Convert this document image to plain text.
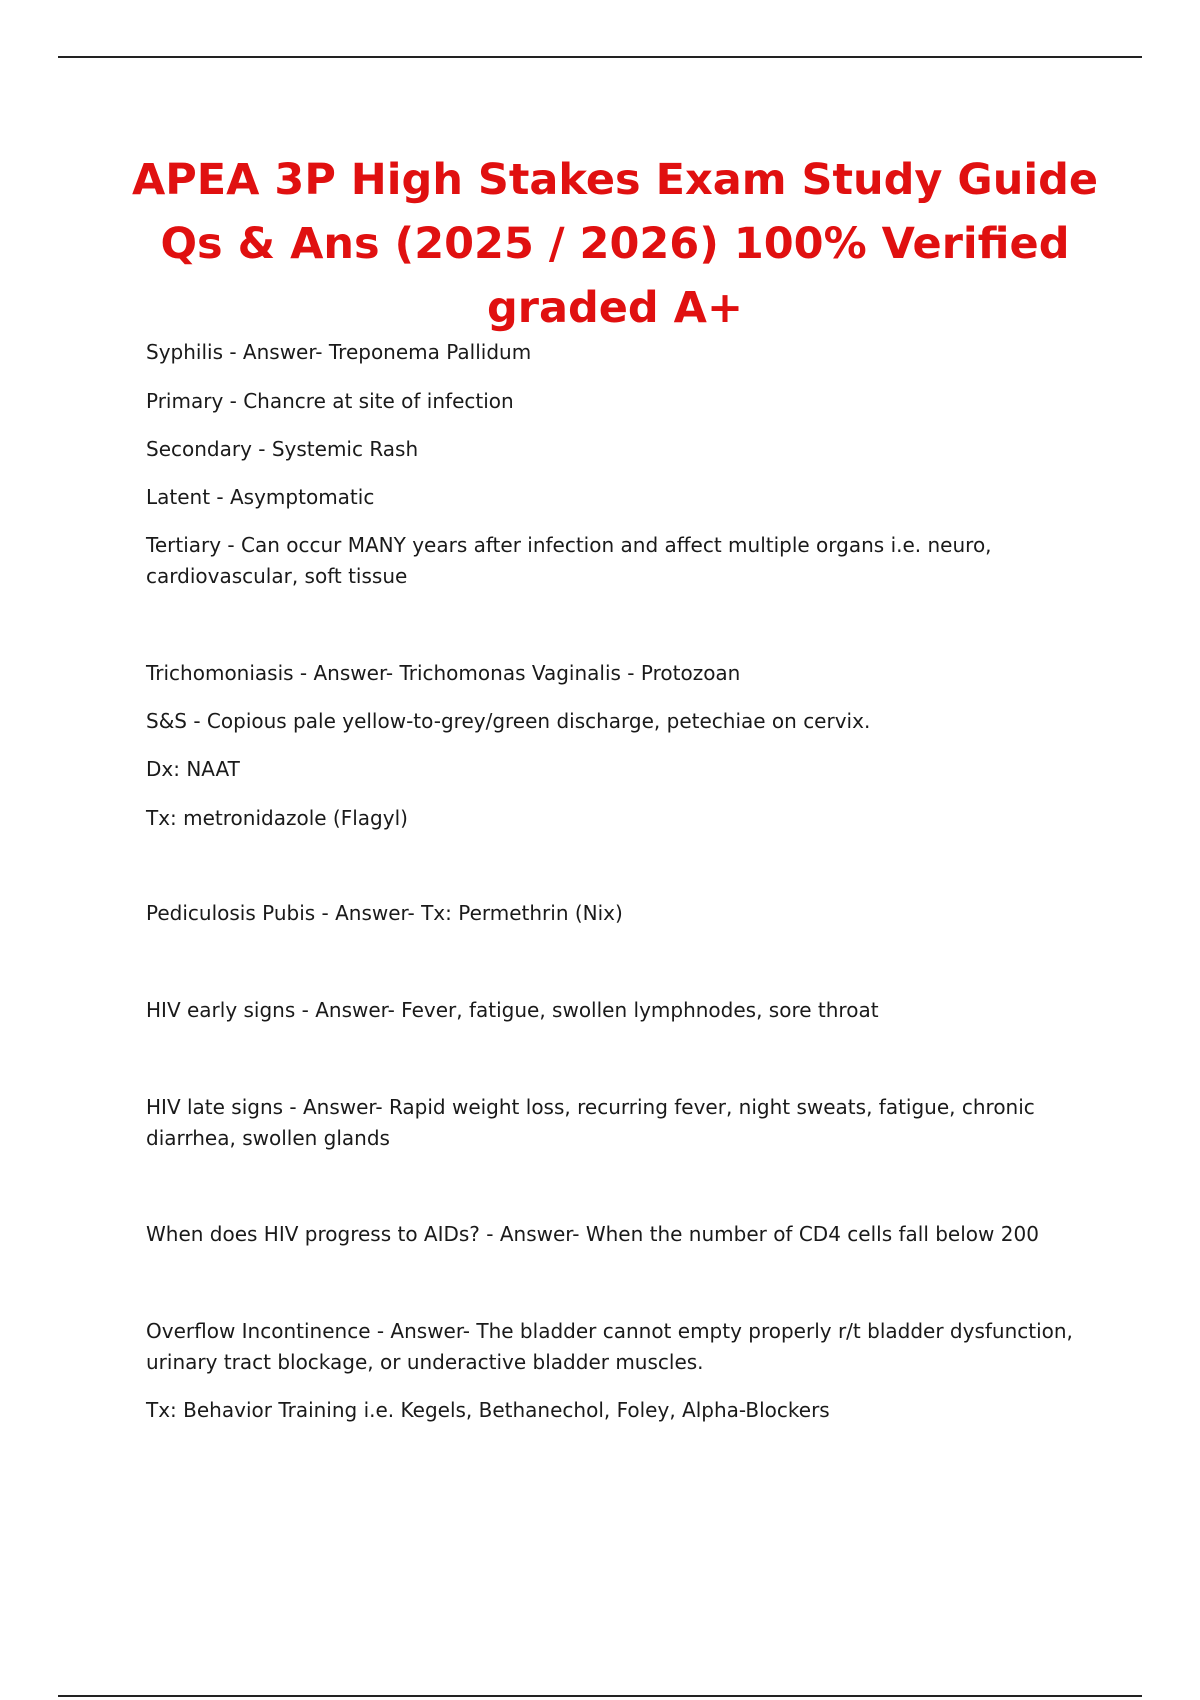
APEA 3P High Stakes Exam Study Guide
Qs & Ans (2025 / 2026) 100% Verified
graded A+

Syphilis - Answer- Treponema Pallidum

Primary - Chancre at site of infection

Secondary - Systemic Rash

Latent - Asymptomatic

Tertiary - Can occur MANY years after infection and affect multiple organs i.e. neuro, cardiovascular, soft tissue

Trichomoniasis - Answer- Trichomonas Vaginalis - Protozoan

S&S - Copious pale yellow-to-grey/green discharge, petechiae on cervix.

Dx: NAAT

Tx: metronidazole (Flagyl)

Pediculosis Pubis - Answer- Tx: Permethrin (Nix)

HIV early signs - Answer- Fever, fatigue, swollen lymphnodes, sore throat

HIV late signs - Answer- Rapid weight loss, recurring fever, night sweats, fatigue, chronic diarrhea, swollen glands

When does HIV progress to AIDs? - Answer- When the number of CD4 cells fall below 200

Overflow Incontinence - Answer- The bladder cannot empty properly r/t bladder dysfunction, urinary tract blockage, or underactive bladder muscles.

Tx: Behavior Training i.e. Kegels, Bethanechol, Foley, Alpha-Blockers
